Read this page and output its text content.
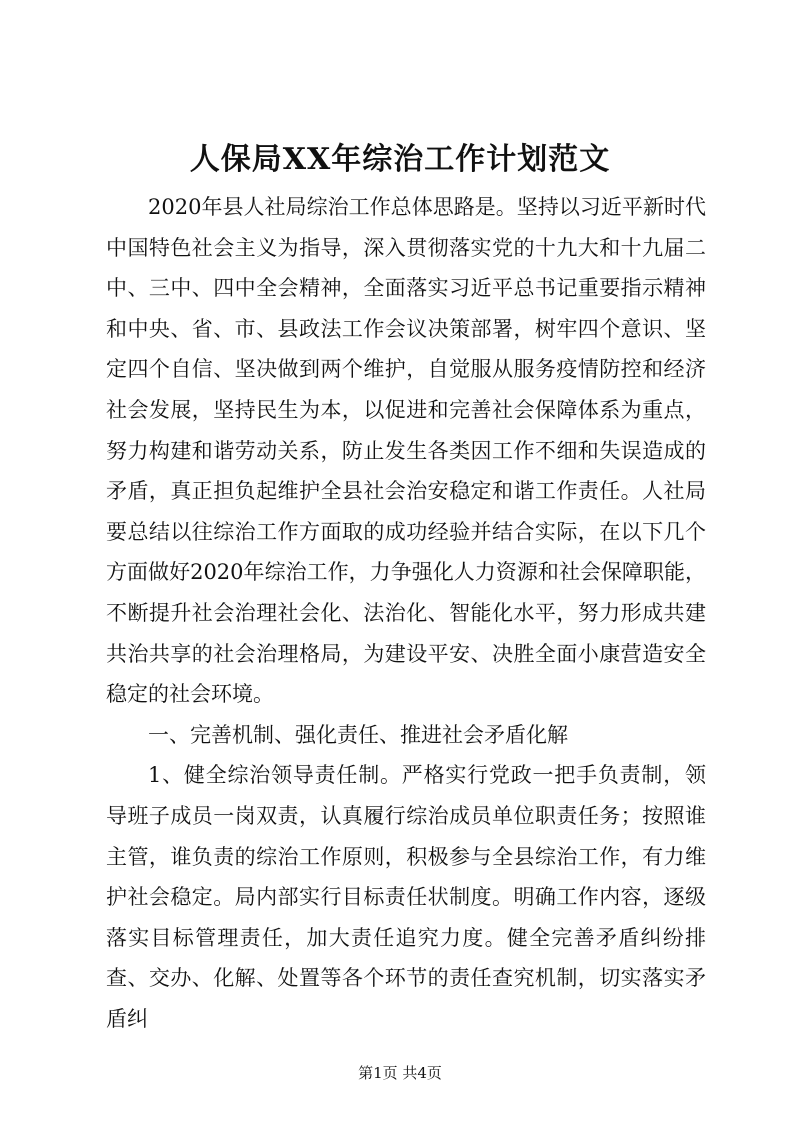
人保局XX年综治工作计划范文

2020年县人社局综治工作总体思路是。坚持以习近平新时代中国特色社会主义为指导，深入贯彻落实党的十九大和十九届二中、三中、四中全会精神，全面落实习近平总书记重要指示精神和中央、省、市、县政法工作会议决策部署，树牢四个意识、坚定四个自信、坚决做到两个维护，自觉服从服务疫情防控和经济社会发展，坚持民生为本，以促进和完善社会保障体系为重点，努力构建和谐劳动关系，防止发生各类因工作不细和失误造成的矛盾，真正担负起维护全县社会治安稳定和谐工作责任。人社局要总结以往综治工作方面取的成功经验并结合实际，在以下几个方面做好2020年综治工作，力争强化人力资源和社会保障职能，不断提升社会治理社会化、法治化、智能化水平，努力形成共建共治共享的社会治理格局，为建设平安、决胜全面小康营造安全稳定的社会环境。

一、完善机制、强化责任、推进社会矛盾化解

1、健全综治领导责任制。严格实行党政一把手负责制，领导班子成员一岗双责，认真履行综治成员单位职责任务；按照谁主管，谁负责的综治工作原则，积极参与全县综治工作，有力维护社会稳定。局内部实行目标责任状制度。明确工作内容，逐级落实目标管理责任，加大责任追究力度。健全完善矛盾纠纷排查、交办、化解、处置等各个环节的责任查究机制，切实落实矛盾纠

第1页 共4页
